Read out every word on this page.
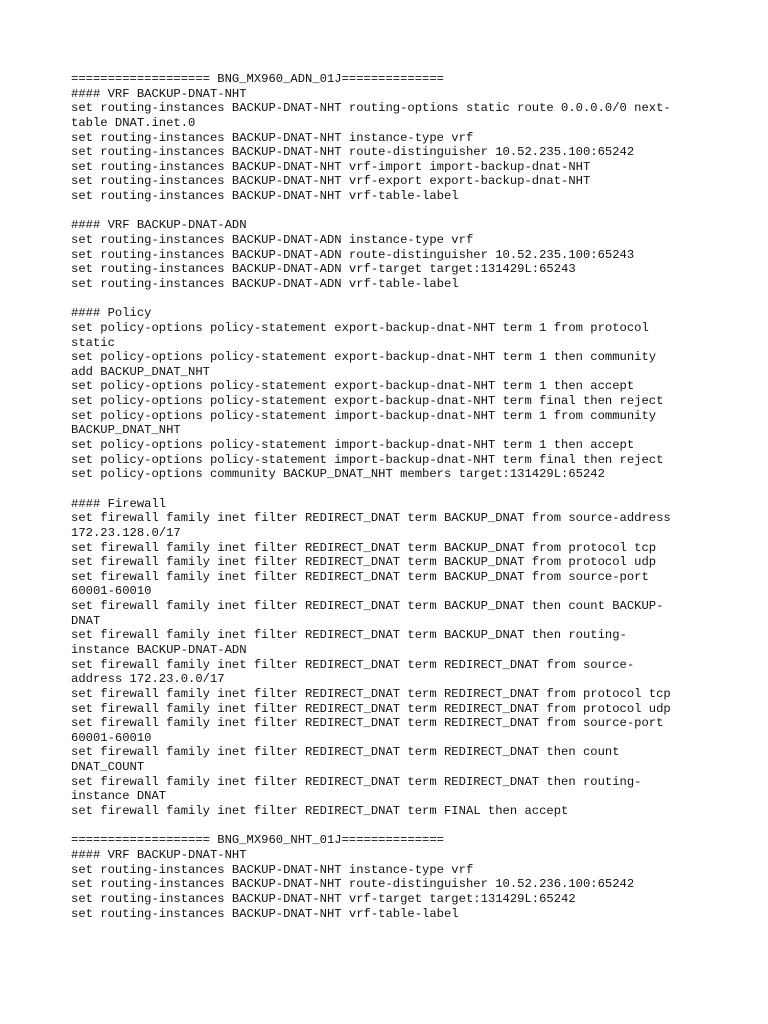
=================== BNG_MX960_ADN_01J==============
#### VRF BACKUP-DNAT-NHT
set routing-instances BACKUP-DNAT-NHT routing-options static route 0.0.0.0/0 next-
table DNAT.inet.0
set routing-instances BACKUP-DNAT-NHT instance-type vrf
set routing-instances BACKUP-DNAT-NHT route-distinguisher 10.52.235.100:65242
set routing-instances BACKUP-DNAT-NHT vrf-import import-backup-dnat-NHT
set routing-instances BACKUP-DNAT-NHT vrf-export export-backup-dnat-NHT
set routing-instances BACKUP-DNAT-NHT vrf-table-label
#### VRF BACKUP-DNAT-ADN
set routing-instances BACKUP-DNAT-ADN instance-type vrf
set routing-instances BACKUP-DNAT-ADN route-distinguisher 10.52.235.100:65243
set routing-instances BACKUP-DNAT-ADN vrf-target target:131429L:65243
set routing-instances BACKUP-DNAT-ADN vrf-table-label
#### Policy
set policy-options policy-statement export-backup-dnat-NHT term 1 from protocol
static
set policy-options policy-statement export-backup-dnat-NHT term 1 then community
add BACKUP_DNAT_NHT
set policy-options policy-statement export-backup-dnat-NHT term 1 then accept
set policy-options policy-statement export-backup-dnat-NHT term final then reject
set policy-options policy-statement import-backup-dnat-NHT term 1 from community
BACKUP_DNAT_NHT
set policy-options policy-statement import-backup-dnat-NHT term 1 then accept
set policy-options policy-statement import-backup-dnat-NHT term final then reject
set policy-options community BACKUP_DNAT_NHT members target:131429L:65242
#### Firewall
set firewall family inet filter REDIRECT_DNAT term BACKUP_DNAT from source-address
172.23.128.0/17
set firewall family inet filter REDIRECT_DNAT term BACKUP_DNAT from protocol tcp
set firewall family inet filter REDIRECT_DNAT term BACKUP_DNAT from protocol udp
set firewall family inet filter REDIRECT_DNAT term BACKUP_DNAT from source-port
60001-60010
set firewall family inet filter REDIRECT_DNAT term BACKUP_DNAT then count BACKUP-
DNAT
set firewall family inet filter REDIRECT_DNAT term BACKUP_DNAT then routing-
instance BACKUP-DNAT-ADN
set firewall family inet filter REDIRECT_DNAT term REDIRECT_DNAT from source-
address 172.23.0.0/17
set firewall family inet filter REDIRECT_DNAT term REDIRECT_DNAT from protocol tcp
set firewall family inet filter REDIRECT_DNAT term REDIRECT_DNAT from protocol udp
set firewall family inet filter REDIRECT_DNAT term REDIRECT_DNAT from source-port
60001-60010
set firewall family inet filter REDIRECT_DNAT term REDIRECT_DNAT then count
DNAT_COUNT
set firewall family inet filter REDIRECT_DNAT term REDIRECT_DNAT then routing-
instance DNAT
set firewall family inet filter REDIRECT_DNAT term FINAL then accept
=================== BNG_MX960_NHT_01J==============
#### VRF BACKUP-DNAT-NHT
set routing-instances BACKUP-DNAT-NHT instance-type vrf
set routing-instances BACKUP-DNAT-NHT route-distinguisher 10.52.236.100:65242
set routing-instances BACKUP-DNAT-NHT vrf-target target:131429L:65242
set routing-instances BACKUP-DNAT-NHT vrf-table-label
